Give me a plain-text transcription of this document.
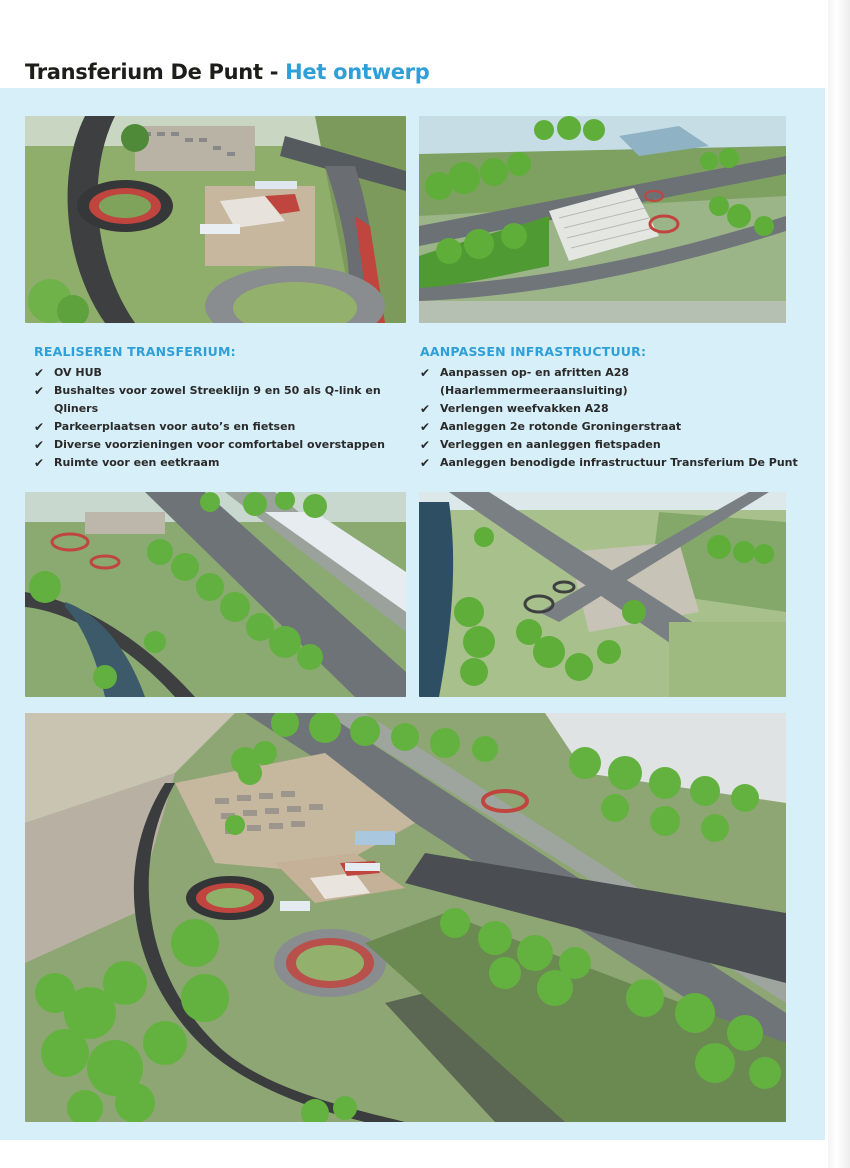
Transferium De Punt - Het ontwerp
REALISEREN TRANSFERIUM:
✔ OV HUB
✔ Bushaltes voor zowel Streeklijn 9 en 50 als Q-link en Qliners
✔ Parkeerplaatsen voor auto’s en fietsen
✔ Diverse voorzieningen voor comfortabel overstappen
✔ Ruimte voor een eetkraam
AANPASSEN INFRASTRUCTUUR:
✔ Aanpassen op- en afritten A28 (Haarlemmermeeraansluiting)
✔ Verlengen weefvakken A28
✔ Aanleggen 2e rotonde Groningerstraat
✔ Verleggen en aanleggen fietspaden
✔ Aanleggen benodigde infrastructuur Transferium De Punt
